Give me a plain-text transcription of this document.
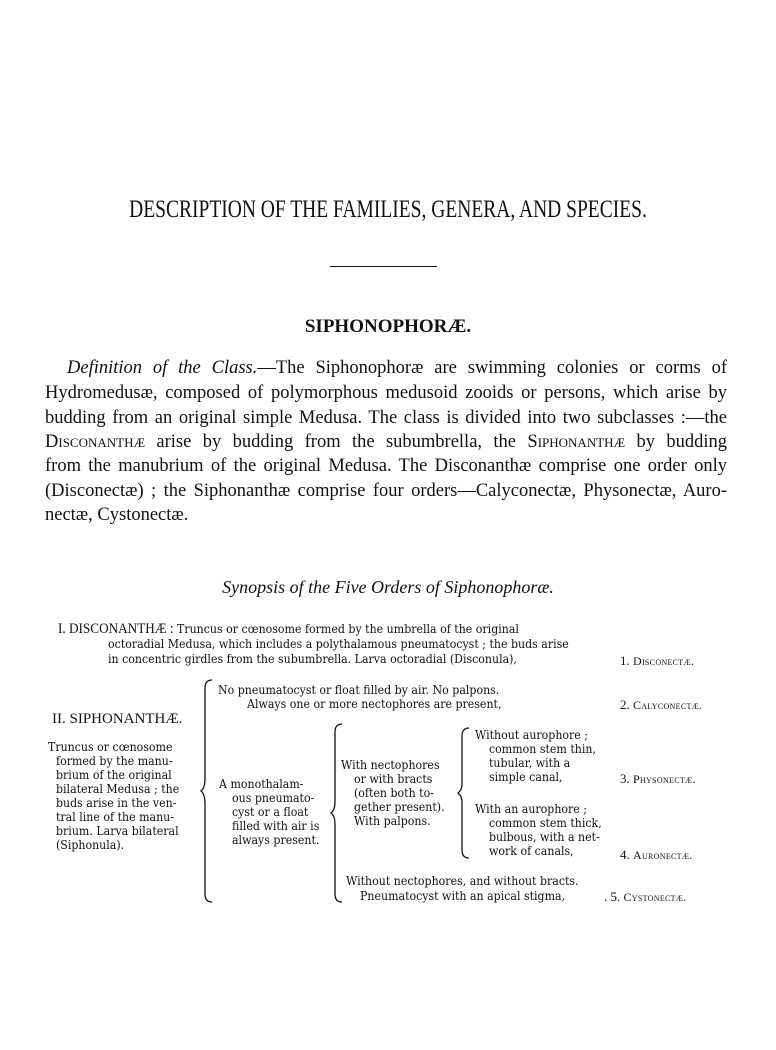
DESCRIPTION OF THE FAMILIES, GENERA, AND SPECIES.
SIPHONOPHORÆ.
Definition of the Class.—The Siphonophoræ are swimming colonies or corms of
Hydromedusæ, composed of polymorphous medusoid zooids or persons, which arise by
budding from an original simple Medusa. The class is divided into two subclasses :—the
Disconanthæ arise by budding from the subumbrella, the Siphonanthæ by budding
from the manubrium of the original Medusa. The Disconanthæ comprise one order only
(Disconectæ) ; the Siphonanthæ comprise four orders—Calyconectæ, Physonectæ, Auro-
nectæ, Cystonectæ.
Synopsis of the Five Orders of Siphonophoræ.
I. DISCONANTHÆ : Truncus or cœnosome formed by the umbrella of the original
octoradial Medusa, which includes a polythalamous pneumatocyst ; the buds arise
in concentric girdles from the subumbrella. Larva octoradial (Disconula),	1. Disconectæ.
2. Calyconectæ.
3. Physonectæ.
4. Auronectæ.
. 5. Cystonectæ.
II. SIPHONANTHÆ.
Truncus or cœnosome
formed by the manu-
brium of the original
bilateral Medusa ; the
buds arise in the ven-
tral line of the manu-
brium. Larva bilateral
(Siphonula).
No pneumatocyst or float filled by air. No palpons.
Always one or more nectophores are present,
A monothalam-
ous pneumato-
cyst or a float
filled with air is
always present.
With nectophores
or with bracts
(often both to-
gether present).
With palpons.
Without aurophore ;
common stem thin,
tubular, with a
simple canal,
With an aurophore ;
common stem thick,
bulbous, with a net-
work of canals,
Without nectophores, and without bracts.
Pneumatocyst with an apical stigma,
